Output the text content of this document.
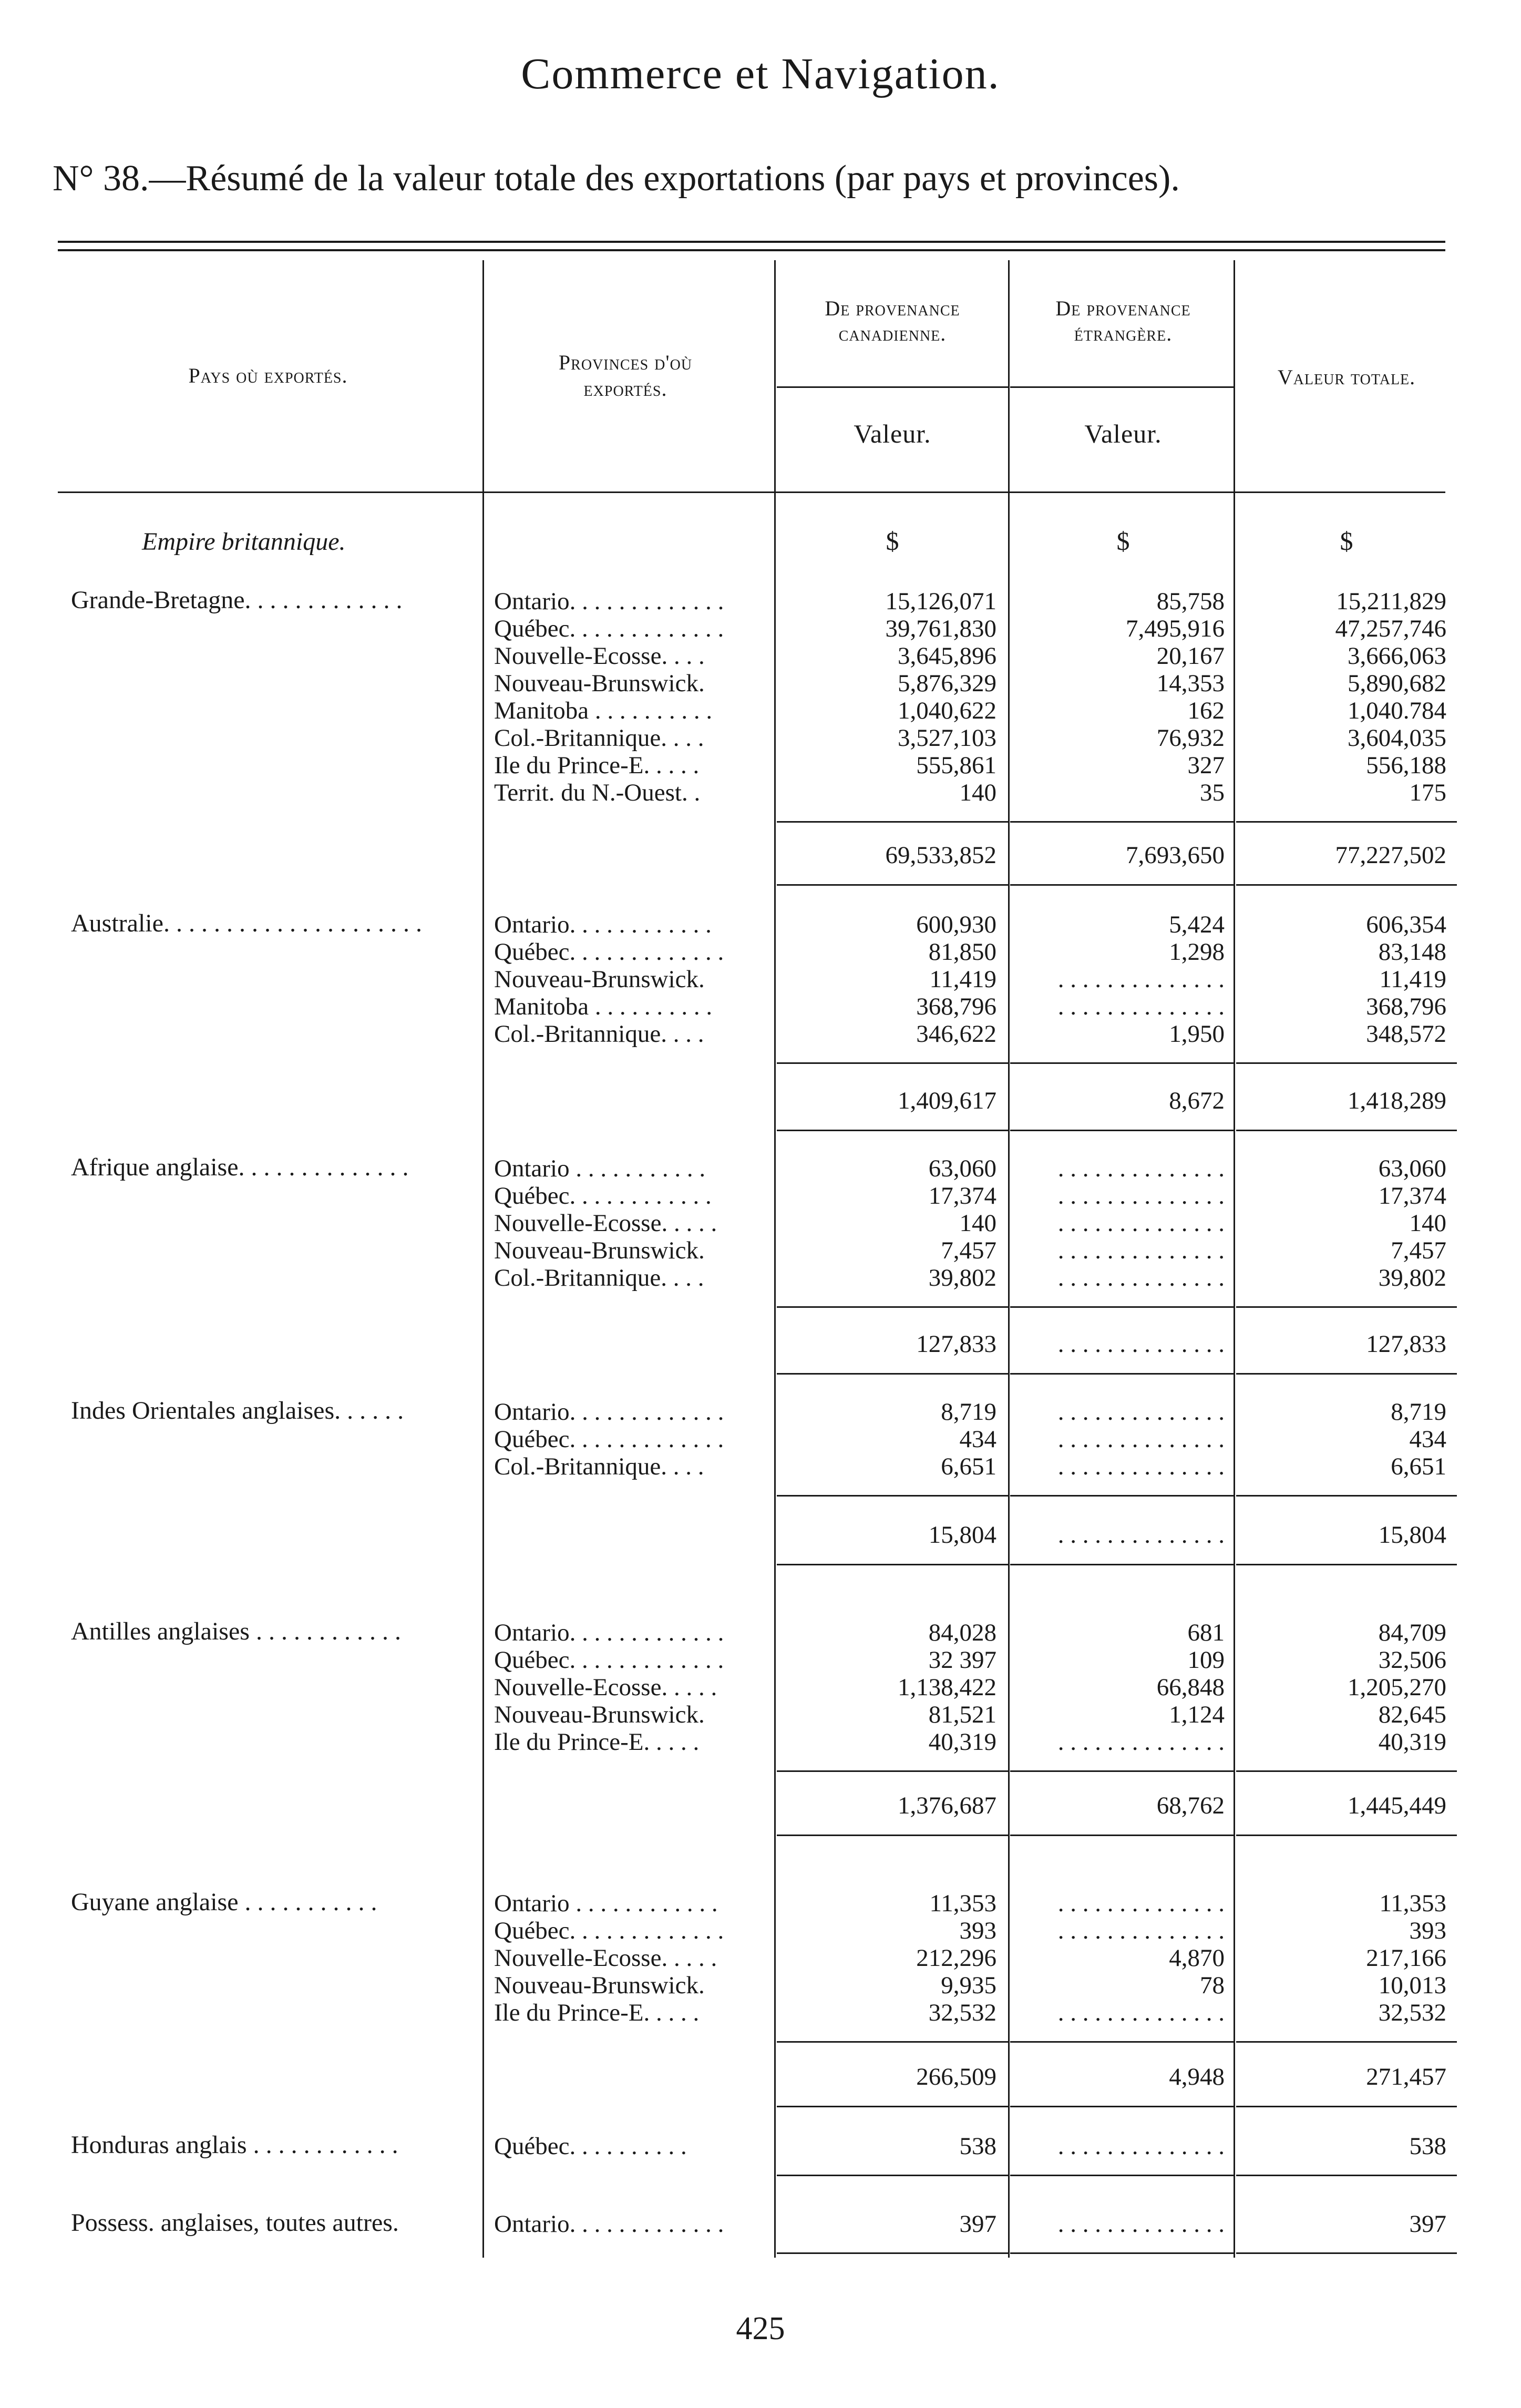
Commerce et Navigation.
N° 38.—Résumé de la valeur totale des exportations (par pays et provinces).
Pays où exportés.
Provinces d'où
exportés.
De provenance
canadienne.
De provenance
étrangère.
Valeur totale.
Valeur.	Valeur.
Empire britannique.	$	$	$
Grande-Bretagne. . . . . . . . . . . . .	Ontario. . . . . . . . . . . . .	15,126,071	85,758	15,211,829
Québec. . . . . . . . . . . . .	39,761,830	7,495,916	47,257,746
Nouvelle-Ecosse. . . .	3,645,896	20,167	3,666,063
Nouveau-Brunswick.	5,876,329	14,353	5,890,682
Manitoba . . . . . . . . . .	1,040,622	162	1,040.784
Col.-Britannique. . . .	3,527,103	76,932	3,604,035
Ile du Prince-E. . . . .	555,861	327	556,188
Territ. du N.-Ouest. .	140	35	175
69,533,852	7,693,650	77,227,502
Australie. . . . . . . . . . . . . . . . . . . . .	Ontario. . . . . . . . . . . .	600,930	5,424	606,354
Québec. . . . . . . . . . . . .	81,850	1,298	83,148
Nouveau-Brunswick.	11,419	. . . . . . . . . . . . . .	11,419
Manitoba . . . . . . . . . .	368,796	. . . . . . . . . . . . . .	368,796
Col.-Britannique. . . .	346,622	1,950	348,572
1,409,617	8,672	1,418,289
Afrique anglaise. . . . . . . . . . . . . .	Ontario . . . . . . . . . . .	63,060	. . . . . . . . . . . . . .	63,060
Québec. . . . . . . . . . . .	17,374	. . . . . . . . . . . . . .	17,374
Nouvelle-Ecosse. . . . .	140	. . . . . . . . . . . . . .	140
Nouveau-Brunswick.	7,457	. . . . . . . . . . . . . .	7,457
Col.-Britannique. . . .	39,802	. . . . . . . . . . . . . .	39,802
127,833	. . . . . . . . . . . . . .	127,833
Indes Orientales anglaises. . . . . .	Ontario. . . . . . . . . . . . .	8,719	. . . . . . . . . . . . . .	8,719
Québec. . . . . . . . . . . . .	434	. . . . . . . . . . . . . .	434
Col.-Britannique. . . .	6,651	. . . . . . . . . . . . . .	6,651
15,804	. . . . . . . . . . . . . .	15,804
Antilles anglaises . . . . . . . . . . . .	Ontario. . . . . . . . . . . . .	84,028	681	84,709
Québec. . . . . . . . . . . . .	32 397	109	32,506
Nouvelle-Ecosse. . . . .	1,138,422	66,848	1,205,270
Nouveau-Brunswick.	81,521	1,124	82,645
Ile du Prince-E. . . . .	40,319	. . . . . . . . . . . . . .	40,319
1,376,687	68,762	1,445,449
Guyane anglaise . . . . . . . . . . .	Ontario . . . . . . . . . . . .	11,353	. . . . . . . . . . . . . .	11,353
Québec. . . . . . . . . . . . .	393	. . . . . . . . . . . . . .	393
Nouvelle-Ecosse. . . . .	212,296	4,870	217,166
Nouveau-Brunswick.	9,935	78	10,013
Ile du Prince-E. . . . .	32,532	. . . . . . . . . . . . . .	32,532
266,509	4,948	271,457
Honduras anglais . . . . . . . . . . . .	Québec. . . . . . . . . .	538	. . . . . . . . . . . . . .	538
Possess. anglaises, toutes autres.	Ontario. . . . . . . . . . . . .	397	. . . . . . . . . . . . . .	397
425
